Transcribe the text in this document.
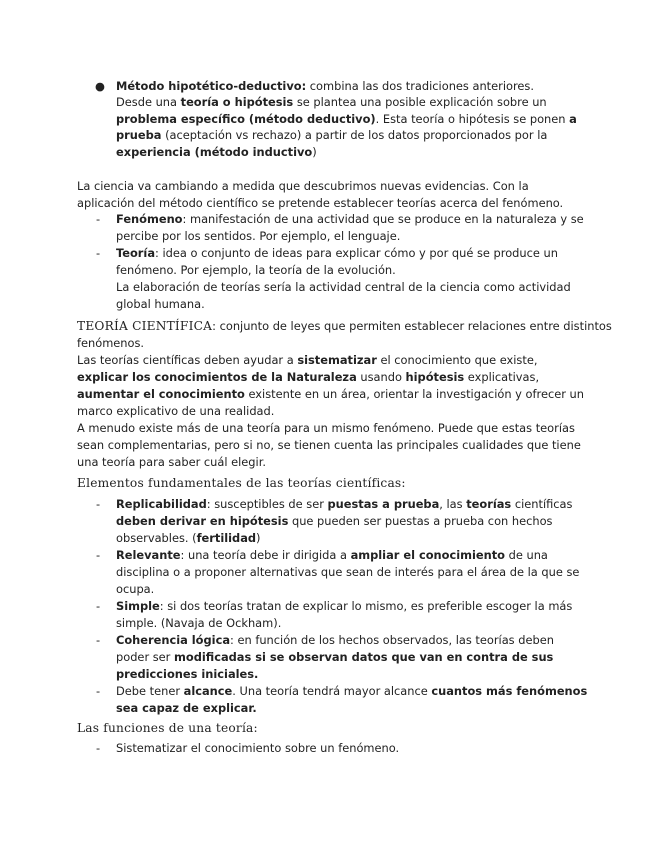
● Método hipotético-deductivo: combina las dos tradiciones anteriores.

Desde una teoría o hipótesis se plantea una posible explicación sobre un

problema específico (método deductivo). Esta teoría o hipótesis se ponen a

prueba (aceptación vs rechazo) a partir de los datos proporcionados por la

experiencia (método inductivo)

La ciencia va cambiando a medida que descubrimos nuevas evidencias. Con la

aplicación del método científico se pretende establecer teorías acerca del fenómeno.

- Fenómeno: manifestación de una actividad que se produce en la naturaleza y se

percibe por los sentidos. Por ejemplo, el lenguaje.

- Teoría: idea o conjunto de ideas para explicar cómo y por qué se produce un

fenómeno. Por ejemplo, la teoría de la evolución.

La elaboración de teorías sería la actividad central de la ciencia como actividad

global humana.

TEORÍA CIENTÍFICA: conjunto de leyes que permiten establecer relaciones entre distintos

fenómenos.

Las teorías científicas deben ayudar a sistematizar el conocimiento que existe,

explicar los conocimientos de la Naturaleza usando hipótesis explicativas,

aumentar el conocimiento existente en un área, orientar la investigación y ofrecer un

marco explicativo de una realidad.

A menudo existe más de una teoría para un mismo fenómeno. Puede que estas teorías

sean complementarias, pero si no, se tienen cuenta las principales cualidades que tiene

una teoría para saber cuál elegir.

Elementos fundamentales de las teorías científicas:

- Replicabilidad: susceptibles de ser puestas a prueba, las teorías científicas

deben derivar en hipótesis que pueden ser puestas a prueba con hechos

observables. (fertilidad)

- Relevante: una teoría debe ir dirigida a ampliar el conocimiento de una

disciplina o a proponer alternativas que sean de interés para el área de la que se

ocupa.

- Simple: si dos teorías tratan de explicar lo mismo, es preferible escoger la más

simple. (Navaja de Ockham).

- Coherencia lógica: en función de los hechos observados, las teorías deben

poder ser modificadas si se observan datos que van en contra de sus

predicciones iniciales.

- Debe tener alcance. Una teoría tendrá mayor alcance cuantos más fenómenos

sea capaz de explicar.

Las funciones de una teoría:

- Sistematizar el conocimiento sobre un fenómeno.
